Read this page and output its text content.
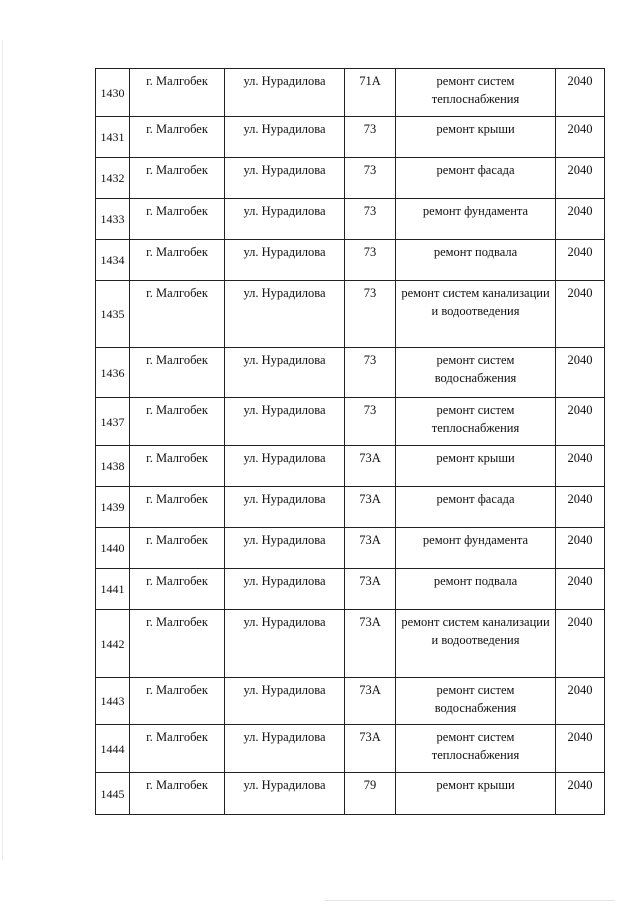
1430	г. Малгобек	ул. Нурадилова	71А	ремонт систем теплоснабжения	2040
1431	г. Малгобек	ул. Нурадилова	73	ремонт крыши	2040
1432	г. Малгобек	ул. Нурадилова	73	ремонт фасада	2040
1433	г. Малгобек	ул. Нурадилова	73	ремонт фундамента	2040
1434	г. Малгобек	ул. Нурадилова	73	ремонт подвала	2040
1435	г. Малгобек	ул. Нурадилова	73	ремонт систем канализации и водоотведения	2040
1436	г. Малгобек	ул. Нурадилова	73	ремонт систем водоснабжения	2040
1437	г. Малгобек	ул. Нурадилова	73	ремонт систем теплоснабжения	2040
1438	г. Малгобек	ул. Нурадилова	73А	ремонт крыши	2040
1439	г. Малгобек	ул. Нурадилова	73А	ремонт фасада	2040
1440	г. Малгобек	ул. Нурадилова	73А	ремонт фундамента	2040
1441	г. Малгобек	ул. Нурадилова	73А	ремонт подвала	2040
1442	г. Малгобек	ул. Нурадилова	73А	ремонт систем канализации и водоотведения	2040
1443	г. Малгобек	ул. Нурадилова	73А	ремонт систем водоснабжения	2040
1444	г. Малгобек	ул. Нурадилова	73А	ремонт систем теплоснабжения	2040
1445	г. Малгобек	ул. Нурадилова	79	ремонт крыши	2040
